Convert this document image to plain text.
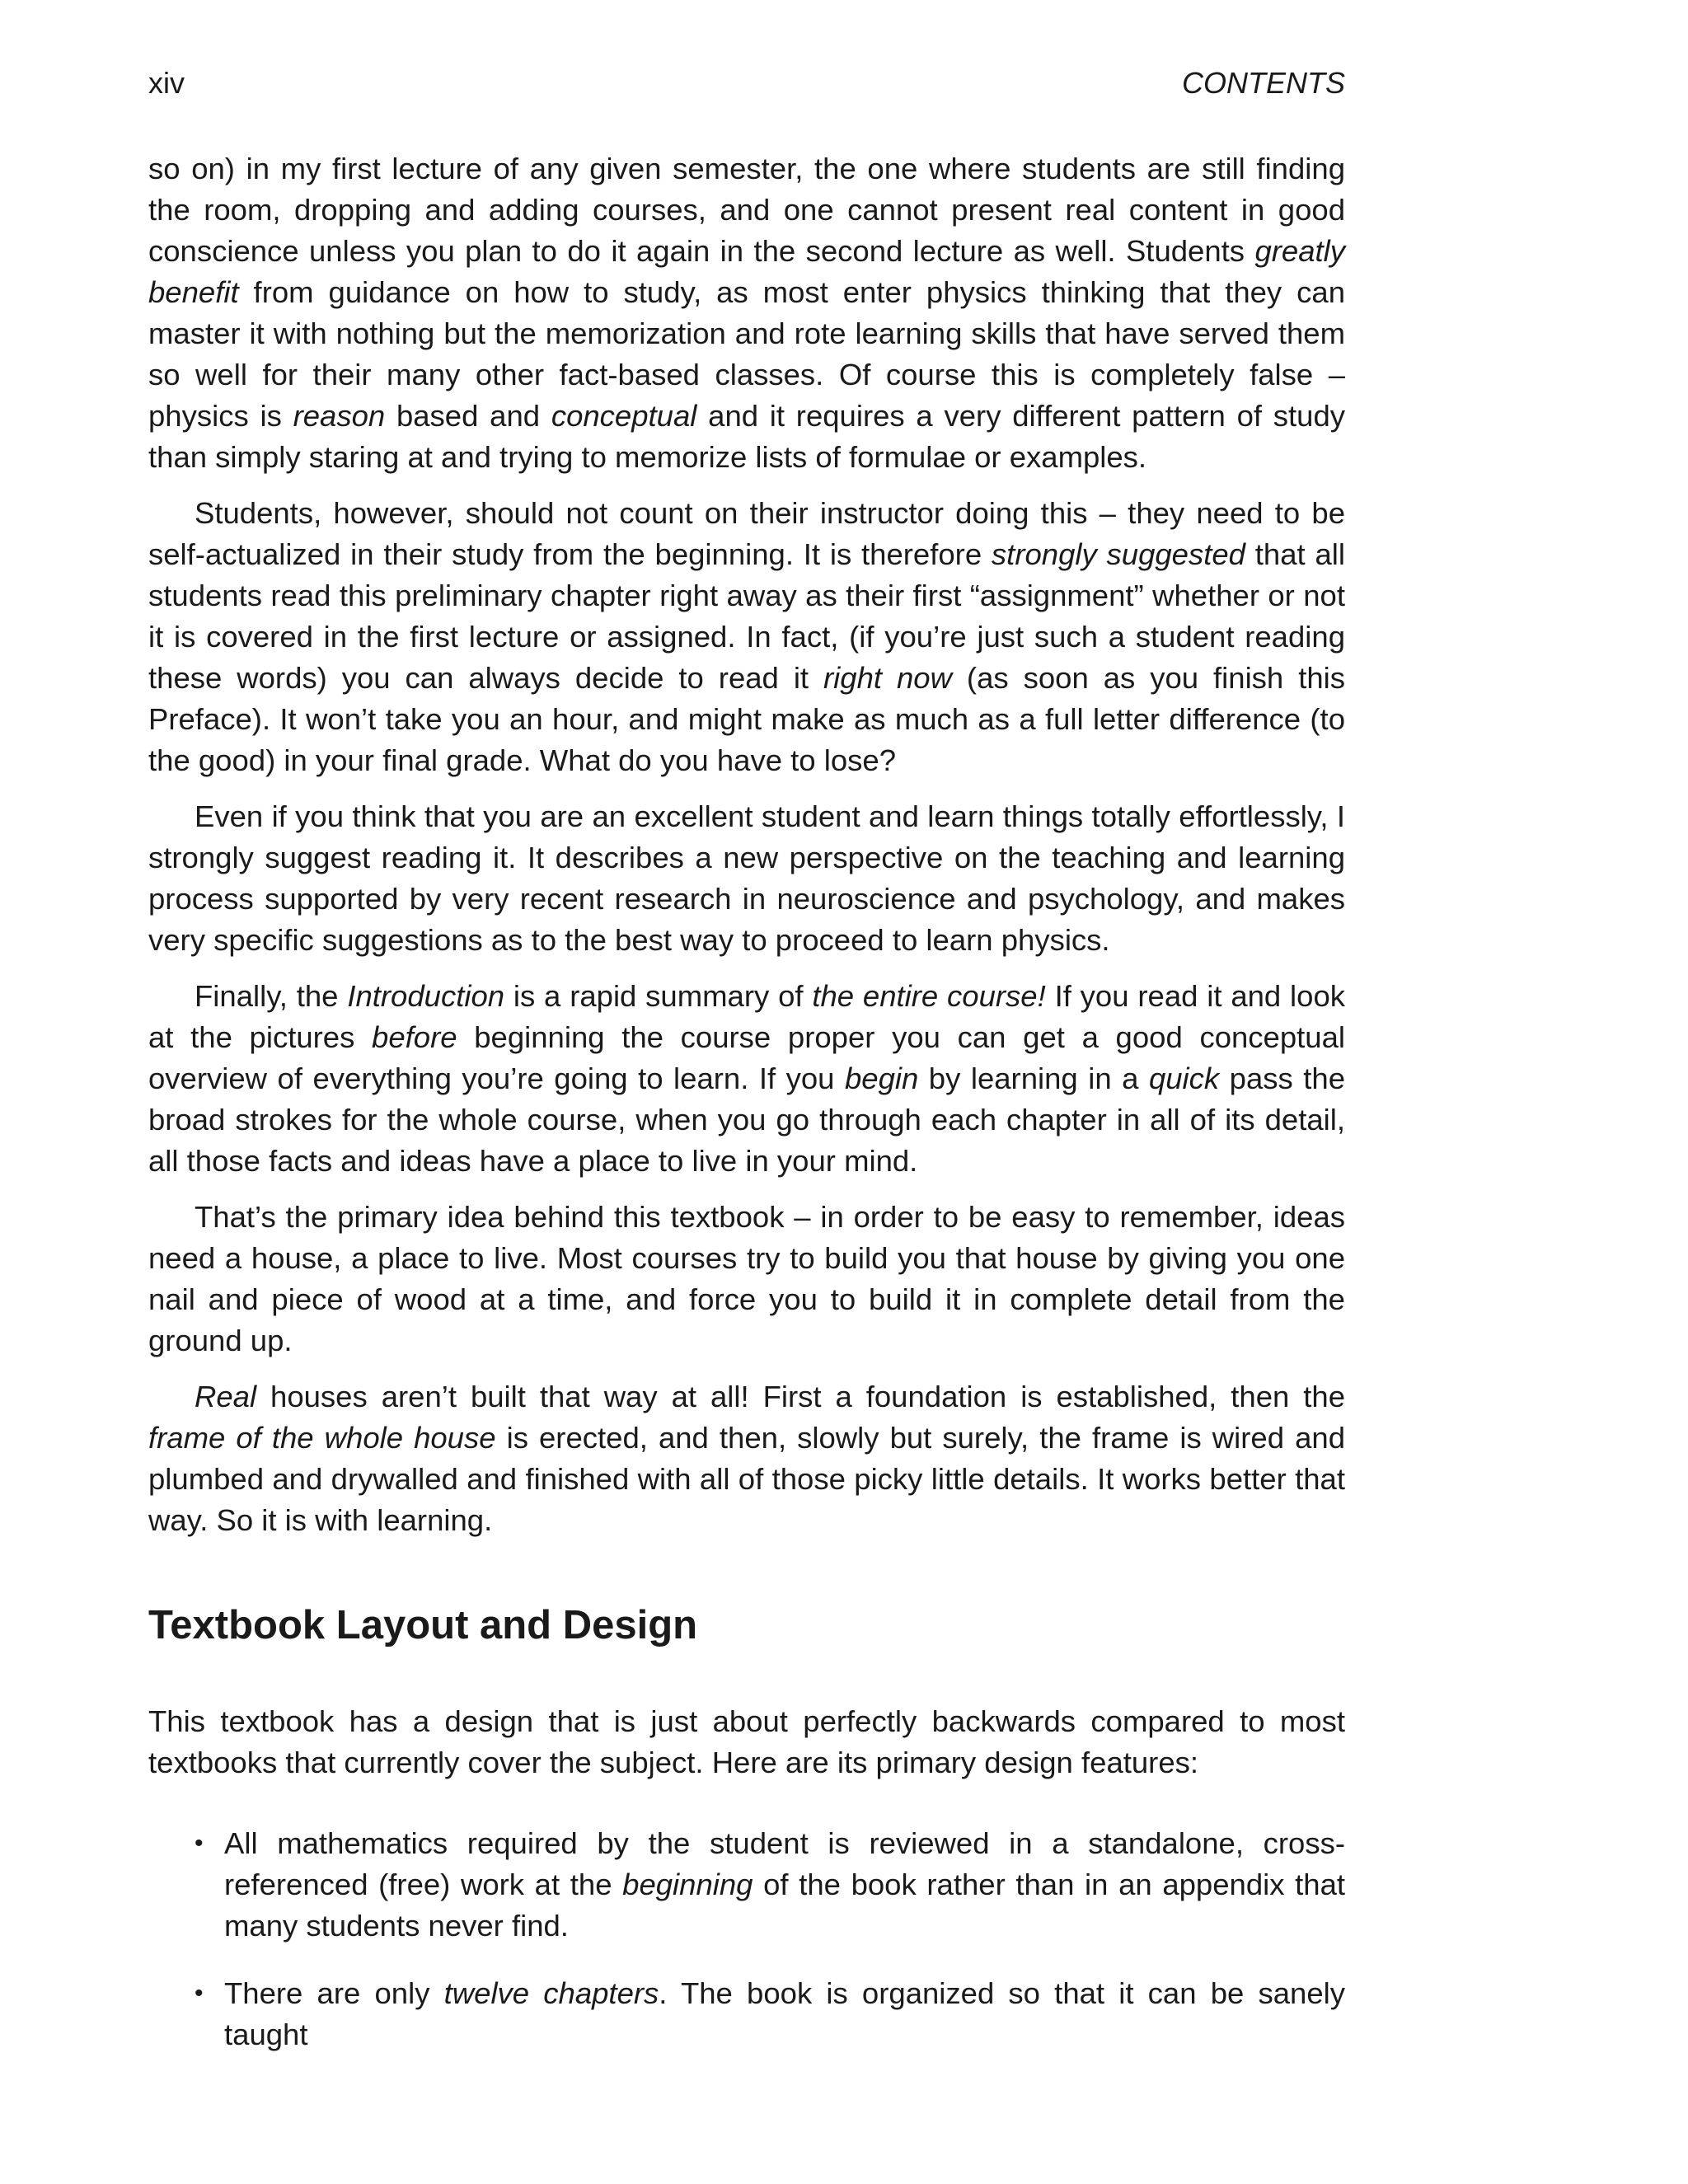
xiv	CONTENTS

so on) in my first lecture of any given semester, the one where students are still finding the room, dropping and adding courses, and one cannot present real content in good conscience unless you plan to do it again in the second lecture as well. Students greatly benefit from guidance on how to study, as most enter physics thinking that they can master it with nothing but the memorization and rote learning skills that have served them so well for their many other fact-based classes. Of course this is completely false – physics is reason based and conceptual and it requires a very different pattern of study than simply staring at and trying to memorize lists of formulae or examples.

Students, however, should not count on their instructor doing this – they need to be self-actualized in their study from the beginning. It is therefore strongly suggested that all students read this preliminary chapter right away as their first “assignment” whether or not it is covered in the first lecture or assigned. In fact, (if you’re just such a student reading these words) you can always decide to read it right now (as soon as you finish this Preface). It won’t take you an hour, and might make as much as a full letter difference (to the good) in your final grade. What do you have to lose?

Even if you think that you are an excellent student and learn things totally effortlessly, I strongly suggest reading it. It describes a new perspective on the teaching and learning process supported by very recent research in neuroscience and psychology, and makes very specific suggestions as to the best way to proceed to learn physics.

Finally, the Introduction is a rapid summary of the entire course! If you read it and look at the pictures before beginning the course proper you can get a good conceptual overview of everything you’re going to learn. If you begin by learning in a quick pass the broad strokes for the whole course, when you go through each chapter in all of its detail, all those facts and ideas have a place to live in your mind.

That’s the primary idea behind this textbook – in order to be easy to remember, ideas need a house, a place to live. Most courses try to build you that house by giving you one nail and piece of wood at a time, and force you to build it in complete detail from the ground up.

Real houses aren’t built that way at all! First a foundation is established, then the frame of the whole house is erected, and then, slowly but surely, the frame is wired and plumbed and drywalled and finished with all of those picky little details. It works better that way. So it is with learning.

Textbook Layout and Design

This textbook has a design that is just about perfectly backwards compared to most textbooks that currently cover the subject. Here are its primary design features:

• All mathematics required by the student is reviewed in a standalone, cross-referenced (free) work at the beginning of the book rather than in an appendix that many students never find.
• There are only twelve chapters. The book is organized so that it can be sanely taught
